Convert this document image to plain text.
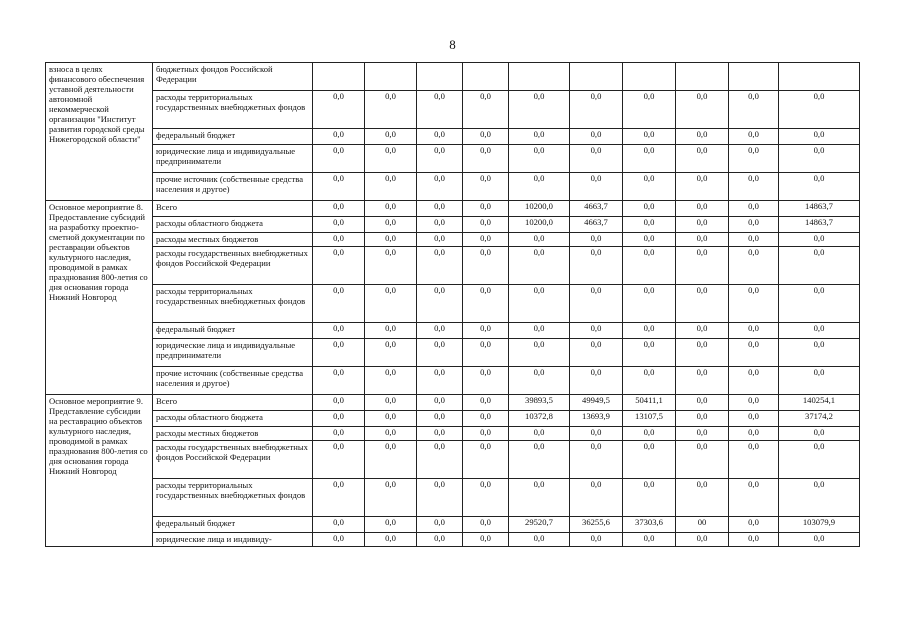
8
взноса в целях финансового обеспечения уставной деятельности автономной некоммерческой организации "Институт развития городской среды Нижегородской области"	бюджетных фондов Российской Федерации										
	расходы территориальных государственных внебюджетных фондов	0,0	0,0	0,0	0,0	0,0	0,0	0,0	0,0	0,0	0,0
	федеральный бюджет	0,0	0,0	0,0	0,0	0,0	0,0	0,0	0,0	0,0	0,0
	юридические лица и индивидуальные предприниматели	0,0	0,0	0,0	0,0	0,0	0,0	0,0	0,0	0,0	0,0
	прочие источник (собственные средства населения и другое)	0,0	0,0	0,0	0,0	0,0	0,0	0,0	0,0	0,0	0,0
Основное мероприятие 8. Предоставление субсидий на разработку проектно-сметной документации по реставрации объектов культурного наследия, проводимой в рамках празднования 800-летия со дня основания города Нижний Новгород	Всего	0,0	0,0	0,0	0,0	10200,0	4663,7	0,0	0,0	0,0	14863,7
	расходы областного бюджета	0,0	0,0	0,0	0,0	10200,0	4663,7	0,0	0,0	0,0	14863,7
	расходы местных бюджетов	0,0	0,0	0,0	0,0	0,0	0,0	0,0	0,0	0,0	0,0
	расходы государственных внебюджетных фондов Российской Федерации	0,0	0,0	0,0	0,0	0,0	0,0	0,0	0,0	0,0	0,0
	расходы территориальных государственных внебюджетных фондов	0,0	0,0	0,0	0,0	0,0	0,0	0,0	0,0	0,0	0,0
	федеральный бюджет	0,0	0,0	0,0	0,0	0,0	0,0	0,0	0,0	0,0	0,0
	юридические лица и индивидуальные предприниматели	0,0	0,0	0,0	0,0	0,0	0,0	0,0	0,0	0,0	0,0
	прочие источник (собственные средства населения и другое)	0,0	0,0	0,0	0,0	0,0	0,0	0,0	0,0	0,0	0,0
Основное мероприятие 9. Представление субсидии на реставрацию объектов культурного наследия, проводимой в рамках празднования 800-летия со дня основания города Нижний Новгород	Всего	0,0	0,0	0,0	0,0	39893,5	49949,5	50411,1	0,0	0,0	140254,1
	расходы областного бюджета	0,0	0,0	0,0	0,0	10372,8	13693,9	13107,5	0,0	0,0	37174,2
	расходы местных бюджетов	0,0	0,0	0,0	0,0	0,0	0,0	0,0	0,0	0,0	0,0
	расходы государственных внебюджетных фондов Российской Федерации	0,0	0,0	0,0	0,0	0,0	0,0	0,0	0,0	0,0	0,0
	расходы территориальных государственных внебюджетных фондов	0,0	0,0	0,0	0,0	0,0	0,0	0,0	0,0	0,0	0,0
	федеральный бюджет	0,0	0,0	0,0	0,0	29520,7	36255,6	37303,6	00	0,0	103079,9
	юридические лица и индивиду-	0,0	0,0	0,0	0,0	0,0	0,0	0,0	0,0	0,0	0,0
